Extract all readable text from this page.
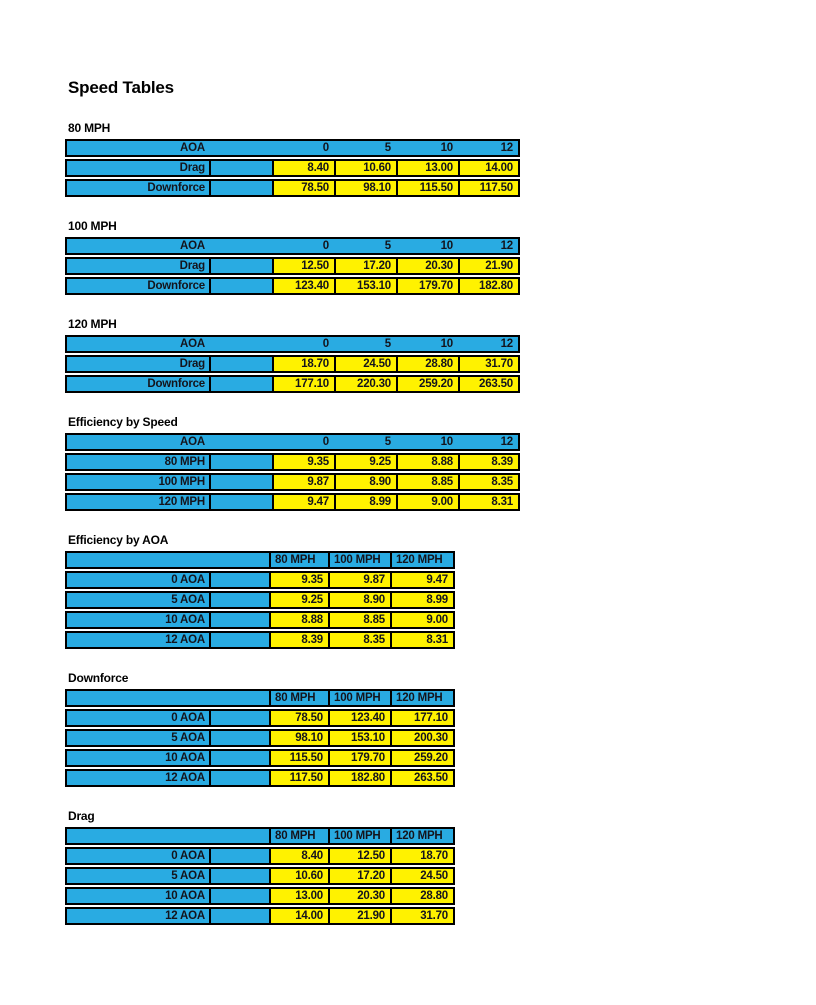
Speed Tables
80 MPH
AOA	0	5	10	12
Drag	8.40	10.60	13.00	14.00
Downforce	78.50	98.10	115.50	117.50
100 MPH
AOA	0	5	10	12
Drag	12.50	17.20	20.30	21.90
Downforce	123.40	153.10	179.70	182.80
120 MPH
AOA	0	5	10	12
Drag	18.70	24.50	28.80	31.70
Downforce	177.10	220.30	259.20	263.50
Efficiency by Speed
AOA	0	5	10	12
80 MPH	9.35	9.25	8.88	8.39
100 MPH	9.87	8.90	8.85	8.35
120 MPH	9.47	8.99	9.00	8.31
Efficiency by AOA
80 MPH	100 MPH	120 MPH
0 AOA	9.35	9.87	9.47
5 AOA	9.25	8.90	8.99
10 AOA	8.88	8.85	9.00
12 AOA	8.39	8.35	8.31
Downforce
80 MPH	100 MPH	120 MPH
0 AOA	78.50	123.40	177.10
5 AOA	98.10	153.10	200.30
10 AOA	115.50	179.70	259.20
12 AOA	117.50	182.80	263.50
Drag
80 MPH	100 MPH	120 MPH
0 AOA	8.40	12.50	18.70
5 AOA	10.60	17.20	24.50
10 AOA	13.00	20.30	28.80
12 AOA	14.00	21.90	31.70
